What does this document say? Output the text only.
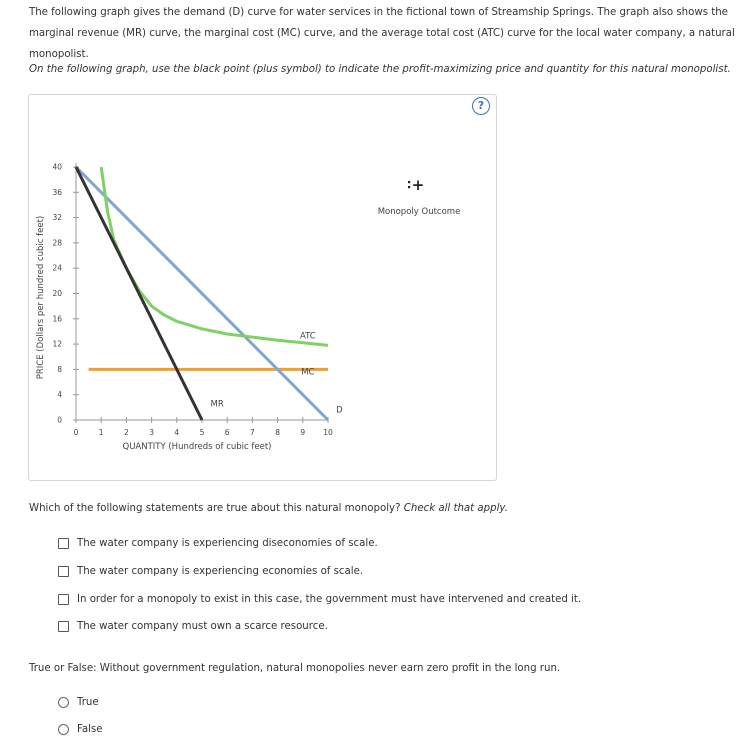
The following graph gives the demand (D) curve for water services in the fictional town of Streamship Springs. The graph also shows the marginal revenue (MR) curve, the marginal cost (MC) curve, and the average total cost (ATC) curve for the local water company, a natural monopolist.
On the following graph, use the black point (plus symbol) to indicate the profit-maximizing price and quantity for this natural monopolist.
?
0	1	2	3	4	5	6	7	8	9 10
0
4
8
12
16
20
24
28
32
36
40
QUANTITY (Hundreds of cubic feet)
PRICE (Dollars per hundred cubic feet)	ATC
MC
MR
D
+
Monopoly Outcome
Which of the following statements are true about this natural monopoly? Check all that apply.
The water company is experiencing diseconomies of scale.
The water company is experiencing economies of scale.
In order for a monopoly to exist in this case, the government must have intervened and created it.
The water company must own a scarce resource.
True or False: Without government regulation, natural monopolies never earn zero profit in the long run.
True
False
